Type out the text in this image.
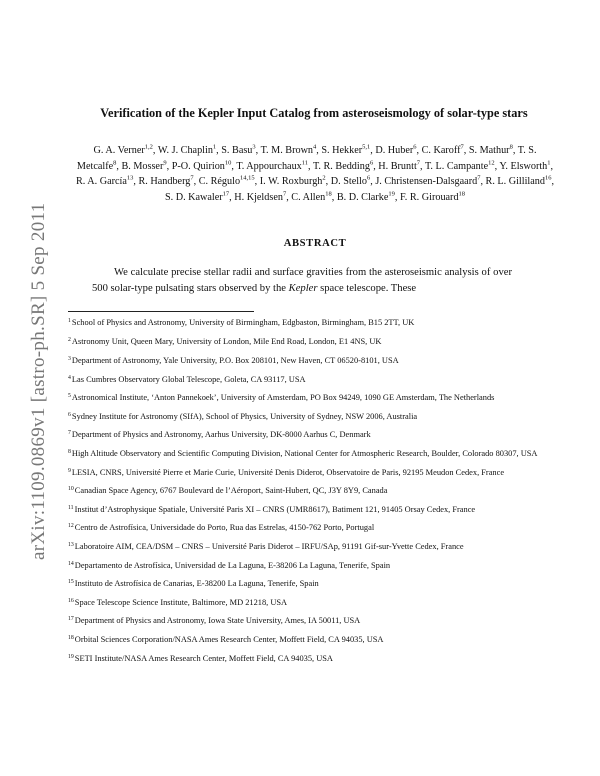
arXiv:1109.0869v1 [astro-ph.SR] 5 Sep 2011
Verification of the Kepler Input Catalog from asteroseismology of solar-type stars
G. A. Verner$^{1,2}$, W. J. Chaplin$^1$, S. Basu$^3$, T. M. Brown$^4$, S. Hekker$^{5,1}$, D. Huber$^6$, C. Karoff$^7$, S. Mathur$^8$, T. S. Metcalfe$^8$, B. Mosser$^9$, P-O. Quirion$^{10}$, T. Appourchaux$^{11}$, T. R. Bedding$^6$, H. Bruntt$^7$, T. L. Campante$^{12}$, Y. Elsworth$^1$, R. A. García$^{13}$, R. Handberg$^7$, C. Régulo$^{14,15}$, I. W. Roxburgh$^2$, D. Stello$^6$, J. Christensen-Dalsgaard$^7$, R. L. Gilliland$^{16}$, S. D. Kawaler$^{17}$, H. Kjeldsen$^7$, C. Allen$^{18}$, B. D. Clarke$^{19}$, F. R. Girouard$^{18}$
ABSTRACT
We calculate precise stellar radii and surface gravities from the asteroseismic analysis of over 500 solar-type pulsating stars observed by the Kepler space telescope. These
$^1$School of Physics and Astronomy, University of Birmingham, Edgbaston, Birmingham, B15 2TT, UK
$^2$Astronomy Unit, Queen Mary, University of London, Mile End Road, London, E1 4NS, UK
$^3$Department of Astronomy, Yale University, P.O. Box 208101, New Haven, CT 06520-8101, USA
$^4$Las Cumbres Observatory Global Telescope, Goleta, CA 93117, USA
$^5$Astronomical Institute, ‘Anton Pannekoek’, University of Amsterdam, PO Box 94249, 1090 GE Amsterdam, The Netherlands
$^6$Sydney Institute for Astronomy (SIfA), School of Physics, University of Sydney, NSW 2006, Australia
$^7$Department of Physics and Astronomy, Aarhus University, DK-8000 Aarhus C, Denmark
$^8$High Altitude Observatory and Scientific Computing Division, National Center for Atmospheric Research, Boulder, Colorado 80307, USA
$^9$LESIA, CNRS, Université Pierre et Marie Curie, Université Denis Diderot, Observatoire de Paris, 92195 Meudon Cedex, France
$^{10}$Canadian Space Agency, 6767 Boulevard de l’Aéroport, Saint-Hubert, QC, J3Y 8Y9, Canada
$^{11}$Institut d’Astrophysique Spatiale, Université Paris XI – CNRS (UMR8617), Batiment 121, 91405 Orsay Cedex, France
$^{12}$Centro de Astrofísica, Universidade do Porto, Rua das Estrelas, 4150-762 Porto, Portugal
$^{13}$Laboratoire AIM, CEA/DSM – CNRS – Université Paris Diderot – IRFU/SAp, 91191 Gif-sur-Yvette Cedex, France
$^{14}$Departamento de Astrofísica, Universidad de La Laguna, E-38206 La Laguna, Tenerife, Spain
$^{15}$Instituto de Astrofísica de Canarias, E-38200 La Laguna, Tenerife, Spain
$^{16}$Space Telescope Science Institute, Baltimore, MD 21218, USA
$^{17}$Department of Physics and Astronomy, Iowa State University, Ames, IA 50011, USA
$^{18}$Orbital Sciences Corporation/NASA Ames Research Center, Moffett Field, CA 94035, USA
$^{19}$SETI Institute/NASA Ames Research Center, Moffett Field, CA 94035, USA
